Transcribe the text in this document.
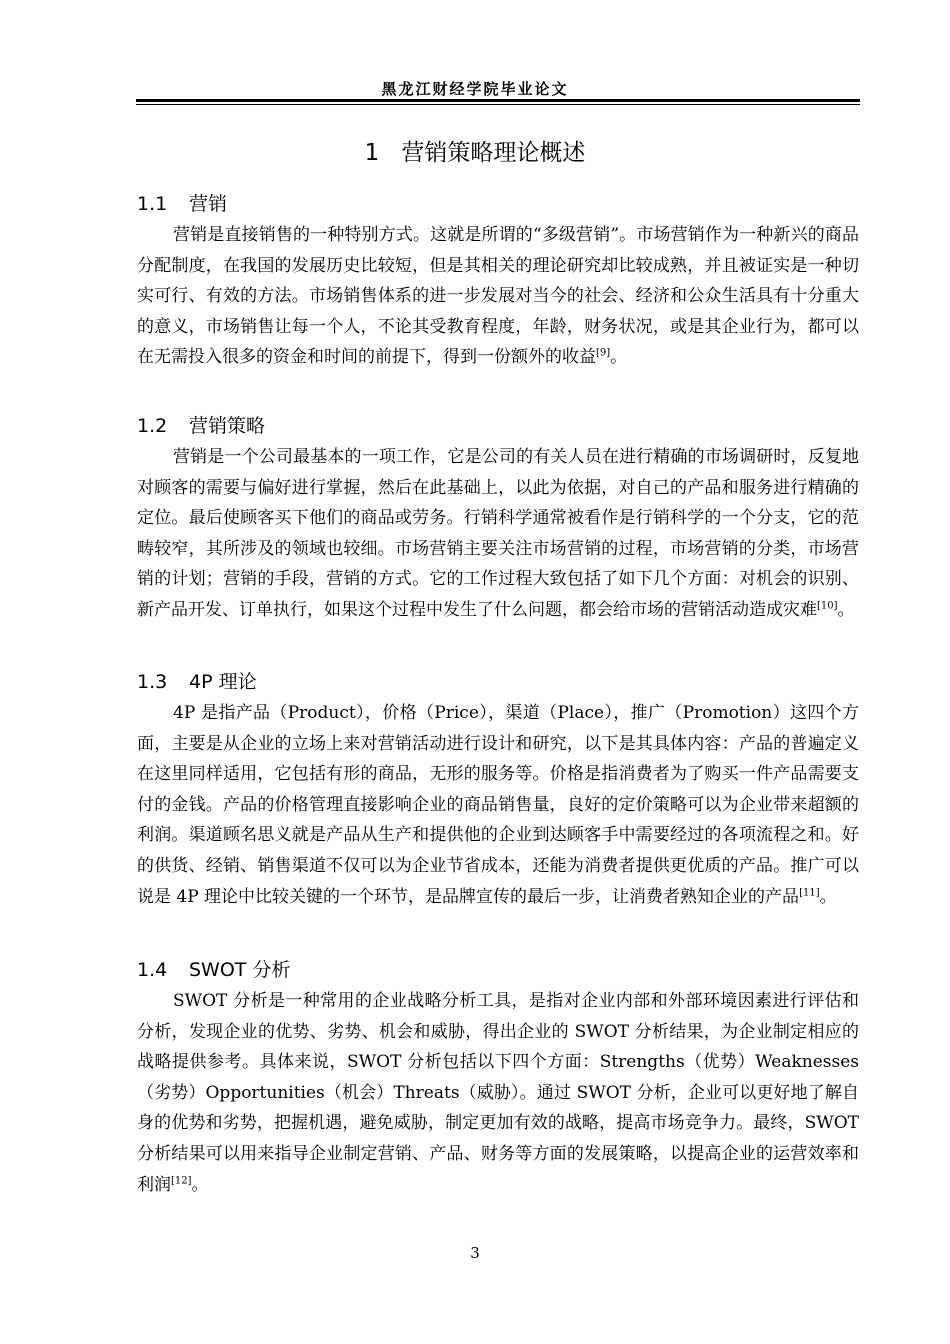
黑龙江财经学院毕业论文
1 营销策略理论概述
1.1 营销

营销是直接销售的一种特别方式。这就是所谓的“多级营销”。市场营销作为一种新兴的商品分配制度，在我国的发展历史比较短，但是其相关的理论研究却比较成熟，并且被证实是一种切实可行、有效的方法。市场销售体系的进一步发展对当今的社会、经济和公众生活具有十分重大的意义，市场销售让每一个人，不论其受教育程度，年龄，财务状况，或是其企业行为，都可以在无需投入很多的资金和时间的前提下，得到一份额外的收益[9]。

1.2 营销策略

营销是一个公司最基本的一项工作，它是公司的有关人员在进行精确的市场调研时，反复地对顾客的需要与偏好进行掌握，然后在此基础上，以此为依据，对自己的产品和服务进行精确的定位。最后使顾客买下他们的商品或劳务。行销科学通常被看作是行销科学的一个分支，它的范畴较窄，其所涉及的领域也较细。市场营销主要关注市场营销的过程，市场营销的分类，市场营销的计划；营销的手段，营销的方式。它的工作过程大致包括了如下几个方面：对机会的识别、新产品开发、订单执行，如果这个过程中发生了什么问题，都会给市场的营销活动造成灾难[10]。

1.3 4P 理论

4P 是指产品（Product），价格（Price），渠道（Place），推广（Promotion）这四个方面，主要是从企业的立场上来对营销活动进行设计和研究，以下是其具体内容：产品的普遍定义在这里同样适用，它包括有形的商品，无形的服务等。价格是指消费者为了购买一件产品需要支付的金钱。产品的价格管理直接影响企业的商品销售量，良好的定价策略可以为企业带来超额的利润。渠道顾名思义就是产品从生产和提供他的企业到达顾客手中需要经过的各项流程之和。好的供货、经销、销售渠道不仅可以为企业节省成本，还能为消费者提供更优质的产品。推广可以说是 4P 理论中比较关键的一个环节，是品牌宣传的最后一步，让消费者熟知企业的产品[11]。

1.4 SWOT 分析

SWOT 分析是一种常用的企业战略分析工具，是指对企业内部和外部环境因素进行评估和分析，发现企业的优势、劣势、机会和威胁，得出企业的 SWOT 分析结果，为企业制定相应的战略提供参考。具体来说，SWOT 分析包括以下四个方面：Strengths（优势）Weaknesses（劣势）Opportunities（机会）Threats（威胁）。通过 SWOT 分析，企业可以更好地了解自身的优势和劣势，把握机遇，避免威胁，制定更加有效的战略，提高市场竞争力。最终，SWOT 分析结果可以用来指导企业制定营销、产品、财务等方面的发展策略，以提高企业的运营效率和利润[12]。

3
